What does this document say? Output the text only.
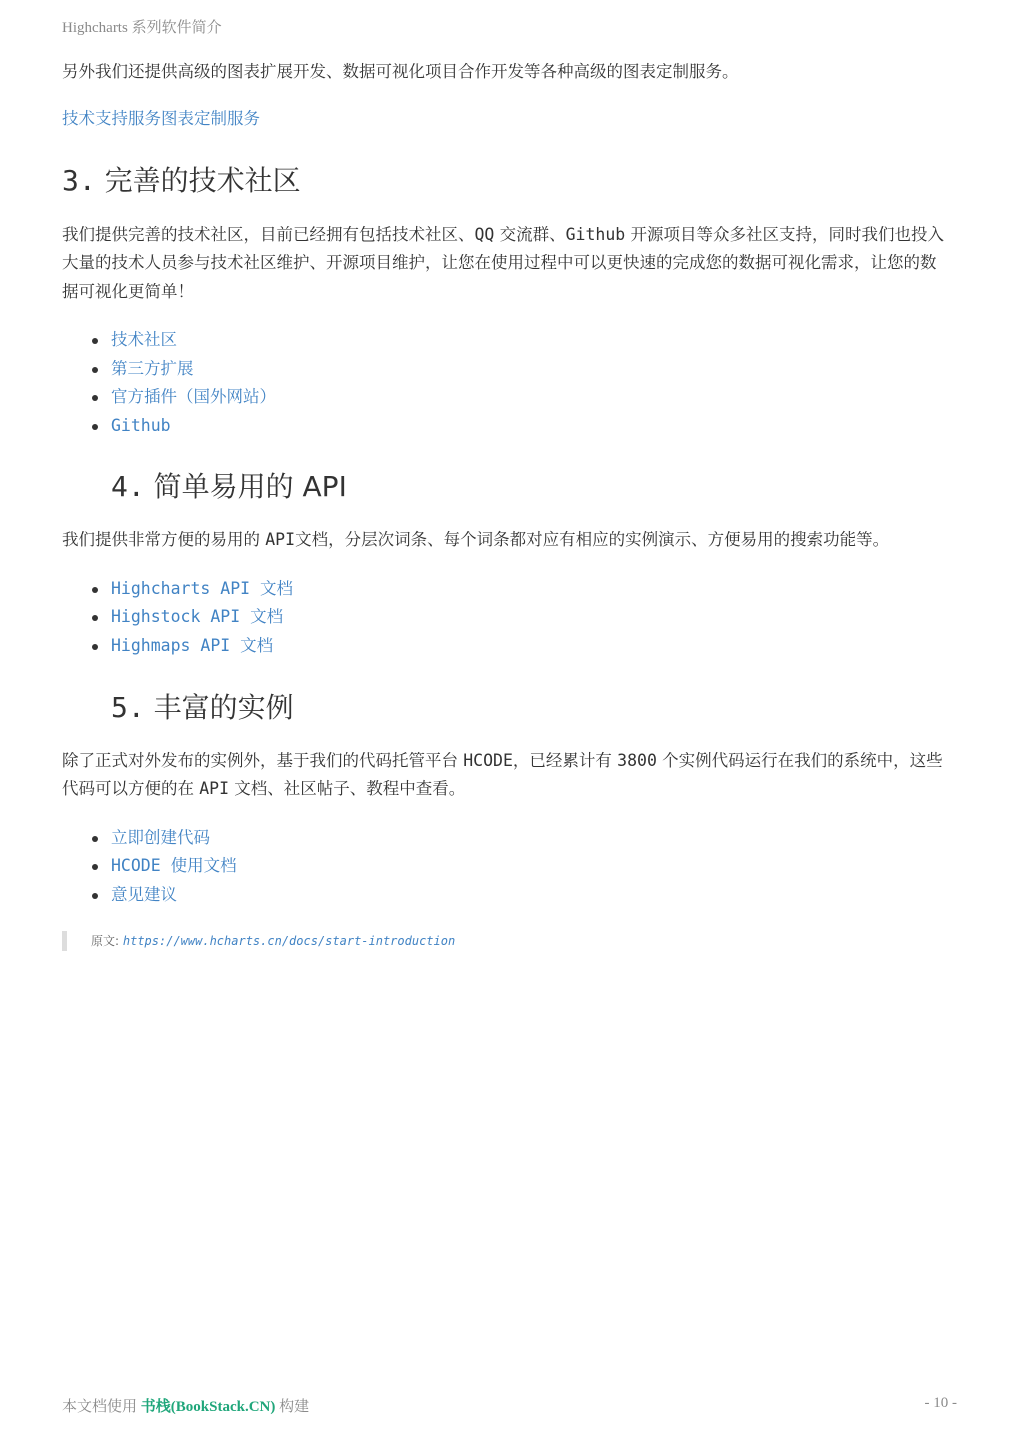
Highcharts 系列软件简介

另外我们还提供高级的图表扩展开发、数据可视化项目合作开发等各种高级的图表定制服务。

技术支持服务图表定制服务

3. 完善的技术社区

我们提供完善的技术社区，目前已经拥有包括技术社区、QQ 交流群、Github 开源项目等众多社区支持，同时我们也投入大量的技术人员参与技术社区维护、开源项目维护，让您在使用过程中可以更快速的完成您的数据可视化需求，让您的数据可视化更简单！

技术社区
第三方扩展
官方插件（国外网站）
Github
4. 简单易用的 API

我们提供非常方便的易用的 API文档，分层次词条、每个词条都对应有相应的实例演示、方便易用的搜索功能等。

Highcharts API 文档
Highstock API 文档
Highmaps API 文档
5. 丰富的实例

除了正式对外发布的实例外，基于我们的代码托管平台 HCODE，已经累计有 3800 个实例代码运行在我们的系统中，这些代码可以方便的在 API 文档、社区帖子、教程中查看。

立即创建代码
HCODE 使用文档
意见建议
原文: https://www.hcharts.cn/docs/start-introduction
本文档使用 书栈(BookStack.CN) 构建	- 10 -
